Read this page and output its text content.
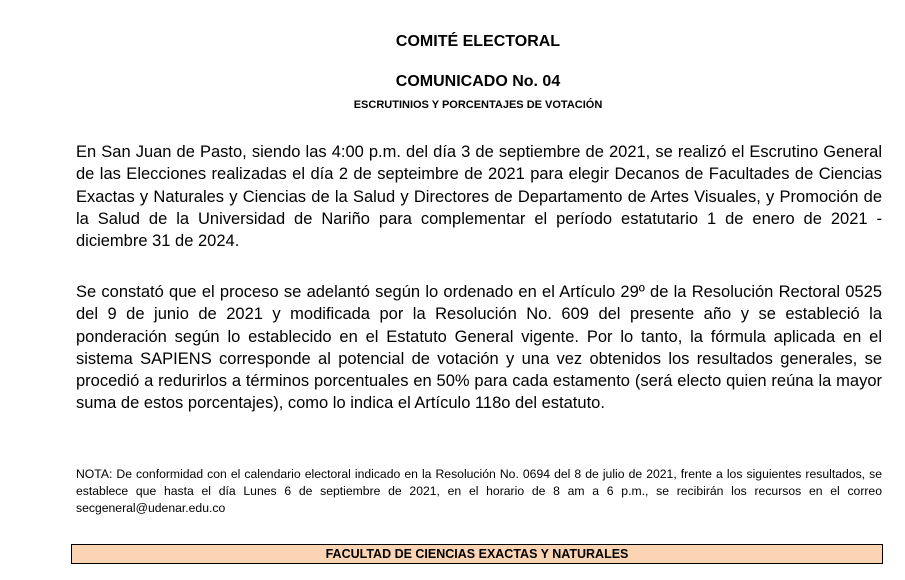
COMITÉ ELECTORAL
COMUNICADO No. 04
ESCRUTINIOS Y PORCENTAJES DE VOTACIÓN

En San Juan de Pasto, siendo las 4:00 p.m. del día 3 de septiembre de 2021, se realizó el Escrutino General de las Elecciones realizadas el día 2 de septeimbre de 2021 para elegir Decanos de Facultades de Ciencias Exactas y Naturales y Ciencias de la Salud y Directores de Departamento de Artes Visuales, y Promoción de la Salud de la Universidad de Nariño para complementar el período estatutario 1 de enero de 2021 - diciembre 31 de 2024.

Se constató que el proceso se adelantó según lo ordenado en el Artículo 29º de la Resolución Rectoral 0525 del 9 de junio de 2021 y modificada por la Resolución No. 609 del presente año y se estableció la ponderación según lo establecido en el Estatuto General vigente. Por lo tanto, la fórmula aplicada en el sistema SAPIENS corresponde al potencial de votación y una vez obtenidos los resultados generales, se procedió a redurirlos a términos porcentuales en 50% para cada estamento (será electo quien reúna la mayor suma de estos porcentajes), como lo indica el Artículo 118o del estatuto.

NOTA: De conformidad con el calendario electoral indicado en la Resolución No. 0694 del 8 de julio de 2021, frente a los siguientes resultados, se establece que hasta el día Lunes 6 de septiembre de 2021, en el horario de 8 am a 6 p.m., se recibirán los recursos en el correo secgeneral@udenar.edu.co

FACULTAD DE CIENCIAS EXACTAS Y NATURALES
